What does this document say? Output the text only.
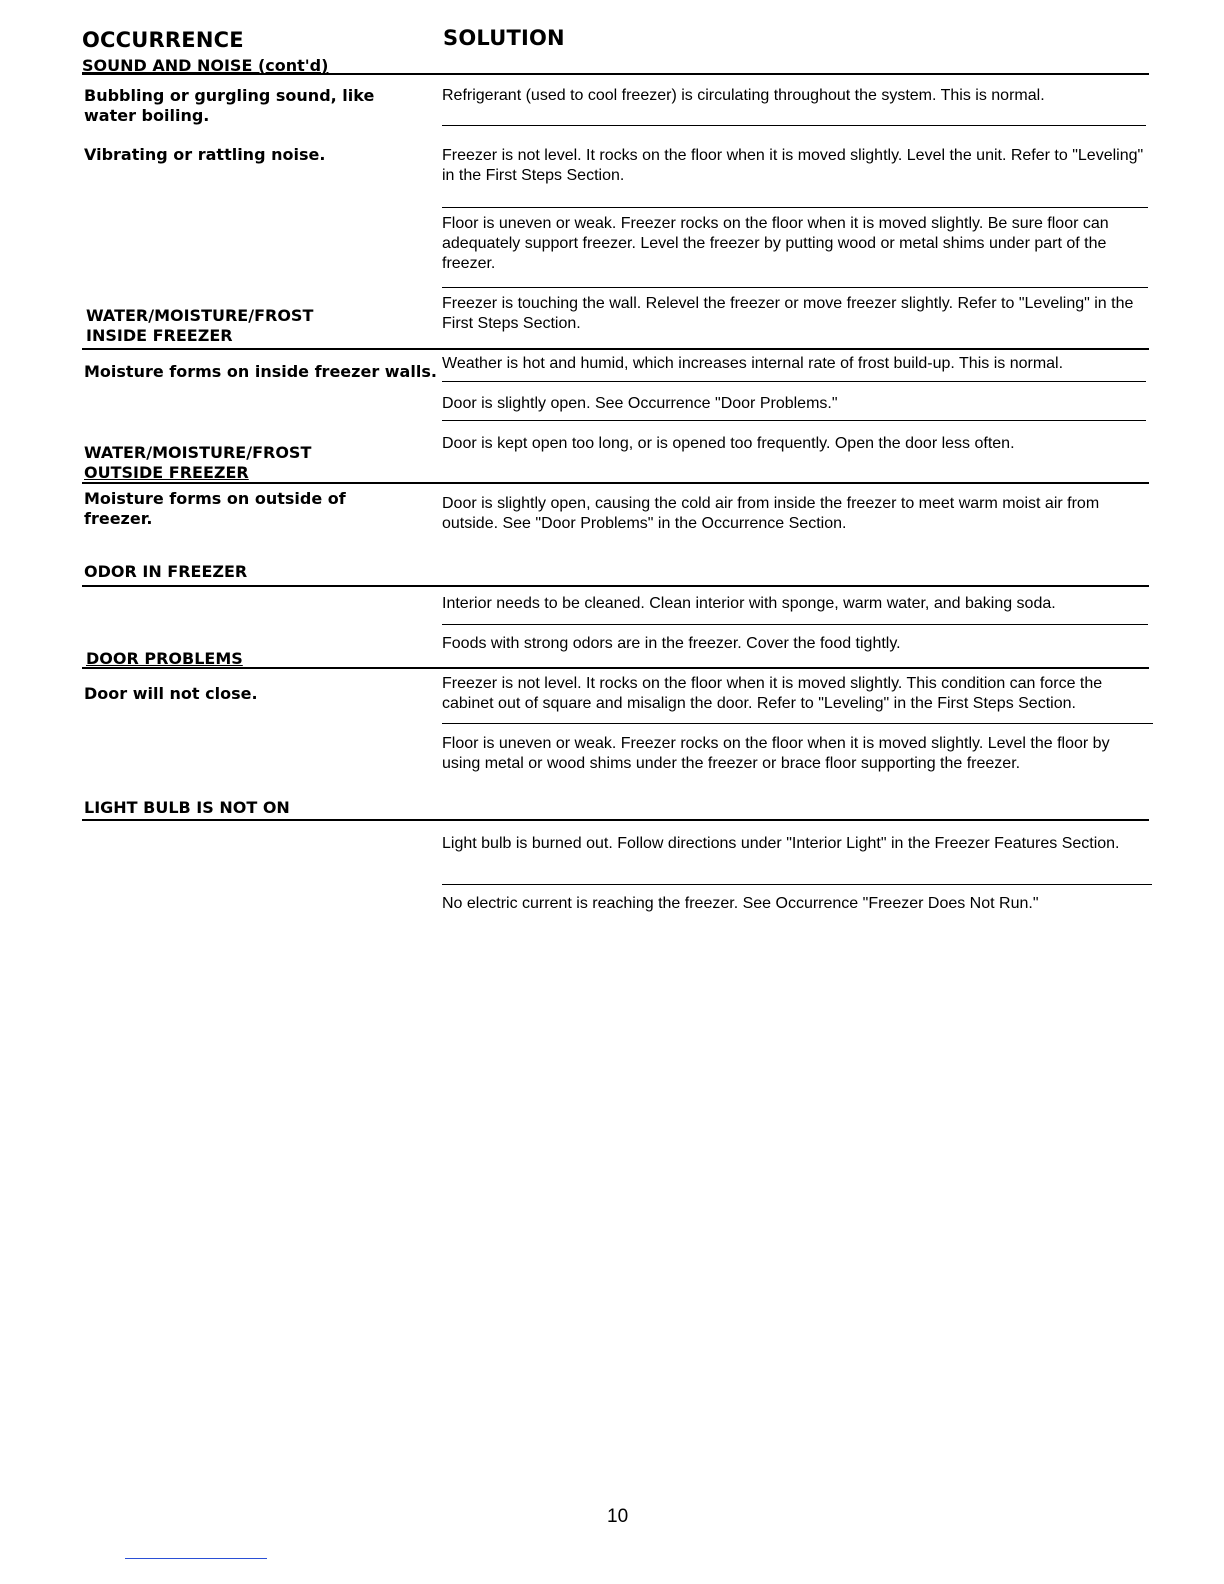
OCCURRENCE	SOLUTION
SOUND AND NOISE (cont'd)
Bubbling or gurgling sound, like water boiling.
Refrigerant (used to cool freezer) is circulating throughout the system. This is normal.
Vibrating or rattling noise.	Freezer is not level. It rocks on the floor when it is moved slightly. Level the unit. Refer to "Leveling" in the First Steps Section.
Floor is uneven or weak. Freezer rocks on the floor when it is moved slightly. Be sure floor can adequately support freezer. Level the freezer by putting wood or metal shims under part of the freezer.
Freezer is touching the wall. Relevel the freezer or move freezer slightly. Refer to "Leveling" in the First Steps Section.
WATER/MOISTURE/FROST
INSIDE FREEZER
Moisture forms on inside freezer walls. Weather is hot and humid, which increases internal rate of frost build-up. This is normal.
Door is slightly open. See Occurrence "Door Problems."
Door is kept open too long, or is opened too frequently. Open the door less often.
WATER/MOISTURE/FROST
OUTSIDE FREEZER
Moisture forms on outside of freezer.
Door is slightly open, causing the cold air from inside the freezer to meet warm moist air from outside. See "Door Problems" in the Occurrence Section.
ODOR IN FREEZER
Interior needs to be cleaned. Clean interior with sponge, warm water, and baking soda.
Foods with strong odors are in the freezer. Cover the food tightly.
DOOR PROBLEMS
Door will not close.
Freezer is not level. It rocks on the floor when it is moved slightly. This condition can force the cabinet out of square and misalign the door. Refer to "Leveling" in the First Steps Section.
Floor is uneven or weak. Freezer rocks on the floor when it is moved slightly. Level the floor by using metal or wood shims under the freezer or brace floor supporting the freezer.
LIGHT BULB IS NOT ON
Light bulb is burned out. Follow directions under "Interior Light" in the Freezer Features Section.
No electric current is reaching the freezer. See Occurrence "Freezer Does Not Run."
10
